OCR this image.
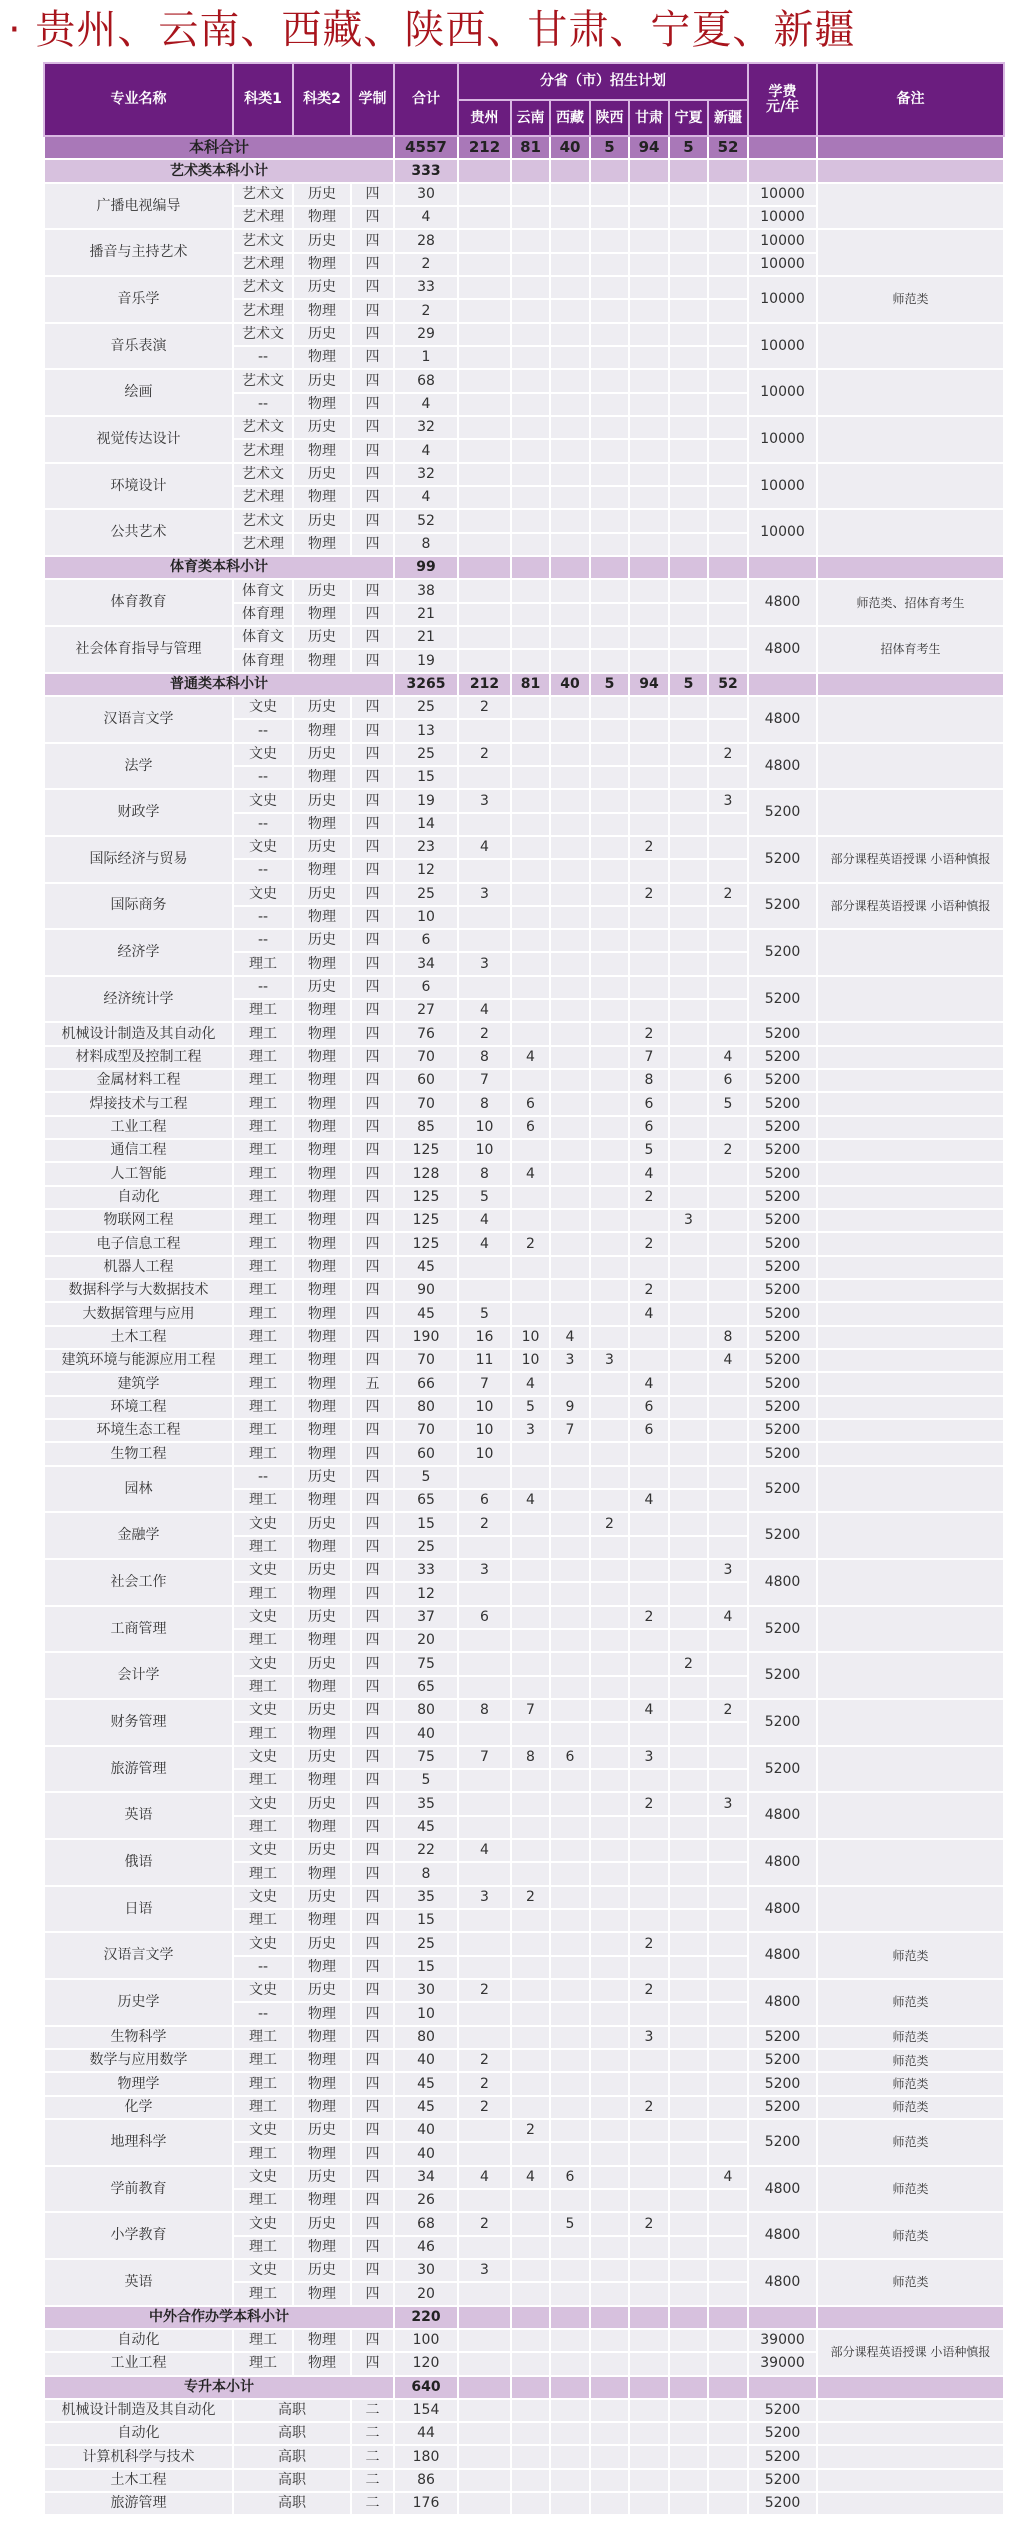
· 贵州、云南、西藏、陕西、甘肃、宁夏、新疆
专业名称	科类1	科类2	学制	合计	分省（市）招生计划							学费元/年	备注
					贵州	云南	西藏	陕西	甘肃	宁夏	新疆		
本科合计				4557	212	81	40	5	94	5	52		
艺术类本科小计				333									
广播电视编导	艺术文	历史	四	30								10000	
	艺术理	物理	四	4								10000	
播音与主持艺术	艺术文	历史	四	28								10000	
	艺术理	物理	四	2								10000	
音乐学	艺术文	历史	四	33								10000	师范类
	艺术理	物理	四	2									
音乐表演	艺术文	历史	四	29								10000	
	--	物理	四	1									
绘画	艺术文	历史	四	68								10000	
	--	物理	四	4									
视觉传达设计	艺术文	历史	四	32								10000	
	艺术理	物理	四	4									
环境设计	艺术文	历史	四	32								10000	
	艺术理	物理	四	4									
公共艺术	艺术文	历史	四	52								10000	
	艺术理	物理	四	8									
体育类本科小计				99									
体育教育	体育文	历史	四	38								4800	师范类、招体育考生
	体育理	物理	四	21									
社会体育指导与管理	体育文	历史	四	21								4800	招体育考生
	体育理	物理	四	19									
普通类本科小计				3265	212	81	40	5	94	5	52		
汉语言文学	文史	历史	四	25	2							4800	
	--	物理	四	13									
法学	文史	历史	四	25	2						2	4800	
	--	物理	四	15									
财政学	文史	历史	四	19	3						3	5200	
	--	物理	四	14									
国际经济与贸易	文史	历史	四	23	4				2			5200	部分课程英语授课 小语种慎报
	--	物理	四	12									
国际商务	文史	历史	四	25	3				2		2	5200	部分课程英语授课 小语种慎报
	--	物理	四	10									
经济学	--	历史	四	6								5200	
	理工	物理	四	34	3								
经济统计学	--	历史	四	6								5200	
	理工	物理	四	27	4								
机械设计制造及其自动化	理工	物理	四	76	2				2			5200	
材料成型及控制工程	理工	物理	四	70	8	4			7		4	5200	
金属材料工程	理工	物理	四	60	7				8		6	5200	
焊接技术与工程	理工	物理	四	70	8	6			6		5	5200	
工业工程	理工	物理	四	85	10	6			6			5200	
通信工程	理工	物理	四	125	10				5		2	5200	
人工智能	理工	物理	四	128	8	4			4			5200	
自动化	理工	物理	四	125	5				2			5200	
物联网工程	理工	物理	四	125	4					3		5200	
电子信息工程	理工	物理	四	125	4	2			2			5200	
机器人工程	理工	物理	四	45								5200	
数据科学与大数据技术	理工	物理	四	90					2			5200	
大数据管理与应用	理工	物理	四	45	5				4			5200	
土木工程	理工	物理	四	190	16	10	4				8	5200	
建筑环境与能源应用工程	理工	物理	四	70	11	10	3	3			4	5200	
建筑学	理工	物理	五	66	7	4			4			5200	
环境工程	理工	物理	四	80	10	5	9		6			5200	
环境生态工程	理工	物理	四	70	10	3	7		6			5200	
生物工程	理工	物理	四	60	10							5200	
园林	--	历史	四	5								5200	
	理工	物理	四	65	6	4			4				
金融学	文史	历史	四	15	2			2				5200	
	理工	物理	四	25									
社会工作	文史	历史	四	33	3						3	4800	
	理工	物理	四	12									
工商管理	文史	历史	四	37	6				2		4	5200	
	理工	物理	四	20									
会计学	文史	历史	四	75						2		5200	
	理工	物理	四	65									
财务管理	文史	历史	四	80	8	7			4		2	5200	
	理工	物理	四	40									
旅游管理	文史	历史	四	75	7	8	6		3			5200	
	理工	物理	四	5									
英语	文史	历史	四	35					2		3	4800	
	理工	物理	四	45									
俄语	文史	历史	四	22	4							4800	
	理工	物理	四	8									
日语	文史	历史	四	35	3	2						4800	
	理工	物理	四	15									
汉语言文学	文史	历史	四	25					2			4800	师范类
	--	物理	四	15									
历史学	文史	历史	四	30	2				2			4800	师范类
	--	物理	四	10									
生物科学	理工	物理	四	80					3			5200	师范类
数学与应用数学	理工	物理	四	40	2							5200	师范类
物理学	理工	物理	四	45	2							5200	师范类
化学	理工	物理	四	45	2				2			5200	师范类
地理科学	文史	历史	四	40		2						5200	师范类
	理工	物理	四	40									
学前教育	文史	历史	四	34	4	4	6				4	4800	师范类
	理工	物理	四	26									
小学教育	文史	历史	四	68	2		5		2			4800	师范类
	理工	物理	四	46									
英语	文史	历史	四	30	3							4800	师范类
	理工	物理	四	20									
中外合作办学本科小计				220									
自动化	理工	物理	四	100								39000	部分课程英语授课 小语种慎报
工业工程	理工	物理	四	120								39000	
专升本小计				640									
机械设计制造及其自动化	高职		二	154								5200	
自动化	高职		二	44								5200	
计算机科学与技术	高职		二	180								5200	
土木工程	高职		二	86								5200	
旅游管理	高职		二	176								5200	
